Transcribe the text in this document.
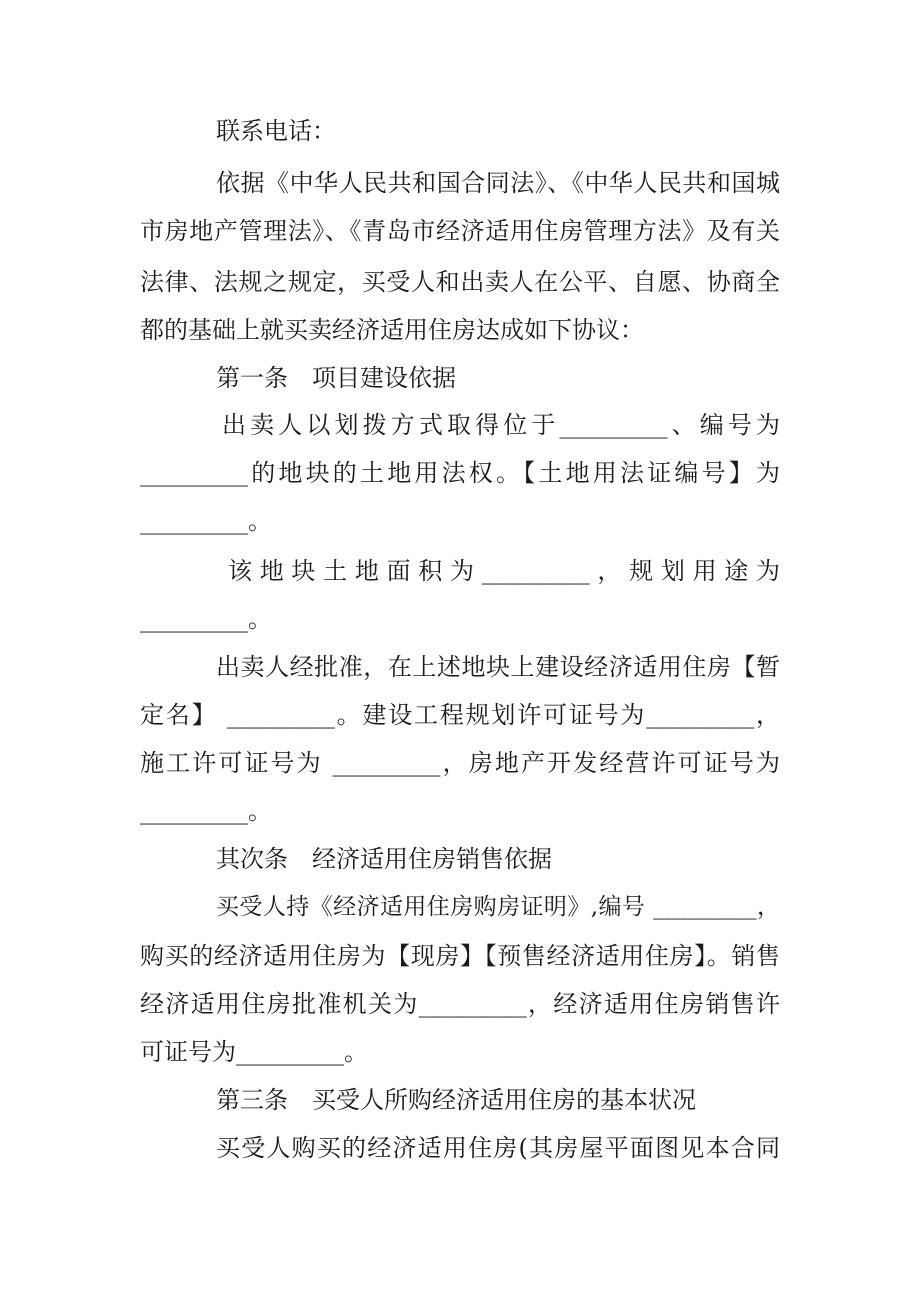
联系电话：
依据《中华人民共和国合同法》、《中华人民共和国城
市房地产管理法》、《青岛市经济适用住房管理方法》及有关
法律、法规之规定，买受人和出卖人在公平、自愿、协商全
都的基础上就买卖经济适用住房达成如下协议：
第一条　项目建设依据
出卖人以划拨方式取得位于_________、编号为
_________的地块的土地用法权。【土地用法证编号】为
_________。
该地块土地面积为_________，规划用途为
_________。
出卖人经批准，在上述地块上建设经济适用住房【暂
定名】 _________。建设工程规划许可证号为_________，
施工许可证号为 _________，房地产开发经营许可证号为
_________。
其次条　经济适用住房销售依据
买受人持《经济适用住房购房证明》,编号 _________，
购买的经济适用住房为【现房】【预售经济适用住房】。销售
经济适用住房批准机关为_________，经济适用住房销售许
可证号为_________。
第三条　买受人所购经济适用住房的基本状况
买受人购买的经济适用住房(其房屋平面图见本合同
